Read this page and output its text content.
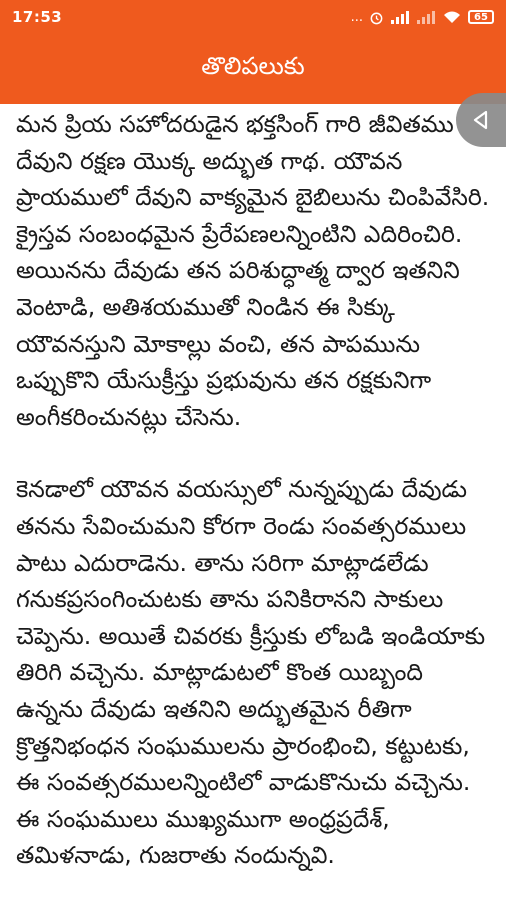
17:53	...	65
తొలిపలుకు

మన ప్రియ సహోదరుడైన భక్తసింగ్ గారి జీవితము దేవుని రక్షణ యొక్క అద్భుత గాథ. యౌవన ప్రాయములో దేవుని వాక్యమైన బైబిలును చింపివేసిరి. క్రైస్తవ సంబంధమైన ప్రేరేపణలన్నింటిని ఎదిరించిరి. అయినను దేవుడు తన పరిశుద్ధాత్మ ద్వార ఇతనిని వెంటాడి, అతిశయముతో నిండిన ఈ సిక్కు యౌవనస్తుని మోకాల్లు వంచి, తన పాపమును ఒప్పుకొని యేసుక్రీస్తు ప్రభువును తన రక్షకునిగా అంగీకరించునట్లు చేసెను.

కెనడాలో యౌవన వయస్సులో నున్నప్పుడు దేవుడు తనను సేవించుమని కోరగా రెండు సంవత్సరములు పాటు ఎదురాడెను. తాను సరిగా మాట్లాడలేడు గనుకప్రసంగించుటకు తాను పనికిరానని సాకులు చెప్పెను. అయితే చివరకు క్రీస్తుకు లోబడి ఇండియాకు తిరిగి వచ్చెను. మాట్లాడుటలో కొంత యిబ్బంది ఉన్నను దేవుడు ఇతనిని అద్భుతమైన రీతిగా క్రొత్తనిభంధన సంఘములను ప్రారంభించి, కట్టుటకు, ఈ సంవత్సరములన్నింటిలో వాడుకొనుచు వచ్చెను. ఈ సంఘములు ముఖ్యముగా అంధ్రప్రదేశ్, తమిళనాడు, గుజరాతు నందున్నవి.
